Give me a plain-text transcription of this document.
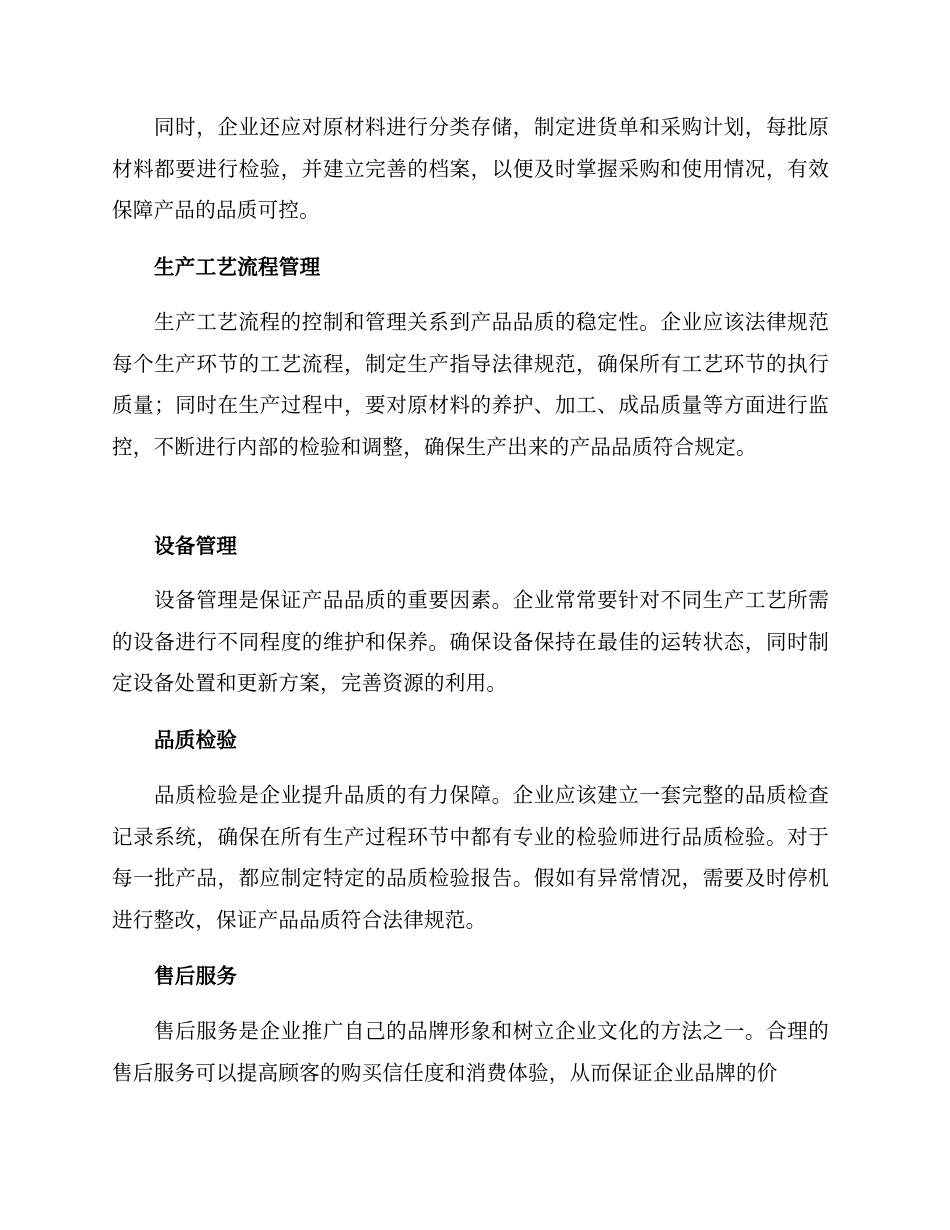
同时，企业还应对原材料进行分类存储，制定进货单和采购计划，每批原材料都要进行检验，并建立完善的档案，以便及时掌握采购和使用情况，有效保障产品的品质可控。

生产工艺流程管理

生产工艺流程的控制和管理关系到产品品质的稳定性。企业应该法律规范每个生产环节的工艺流程，制定生产指导法律规范，确保所有工艺环节的执行质量；同时在生产过程中，要对原材料的养护、加工、成品质量等方面进行监控，不断进行内部的检验和调整，确保生产出来的产品品质符合规定。

设备管理

设备管理是保证产品品质的重要因素。企业常常要针对不同生产工艺所需的设备进行不同程度的维护和保养。确保设备保持在最佳的运转状态，同时制定设备处置和更新方案，完善资源的利用。

品质检验

品质检验是企业提升品质的有力保障。企业应该建立一套完整的品质检查记录系统，确保在所有生产过程环节中都有专业的检验师进行品质检验。对于每一批产品，都应制定特定的品质检验报告。假如有异常情况，需要及时停机进行整改，保证产品品质符合法律规范。

售后服务

售后服务是企业推广自己的品牌形象和树立企业文化的方法之一。合理的售后服务可以提高顾客的购买信任度和消费体验，从而保证企业品牌的价
